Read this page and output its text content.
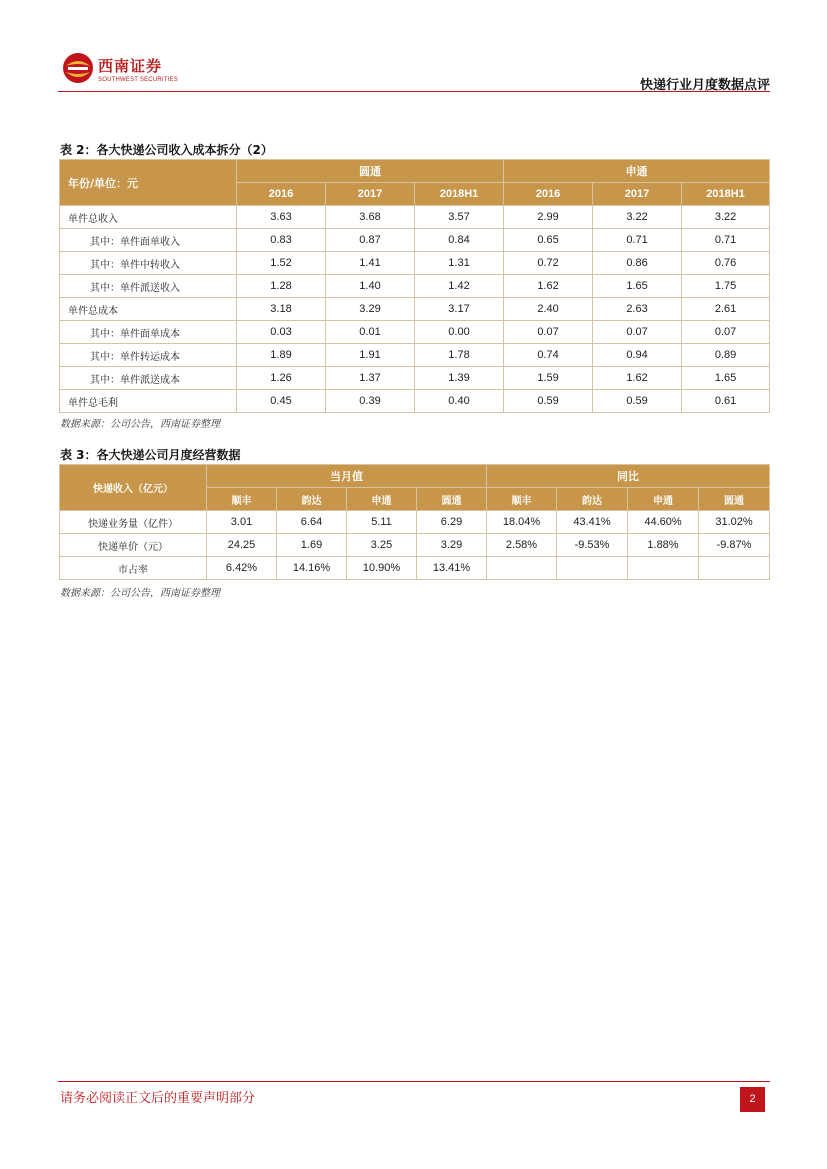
西南证券
SOUTHWEST SECURITIES	快递行业月度数据点评
表 2：各大快递公司收入成本拆分（2）
年份/单位：元	圆通			申通		
	2016	2017	2018H1	2016	2017	2018H1
单件总收入	3.63	3.68	3.57	2.99	3.22	3.22
其中：单件面单收入	0.83	0.87	0.84	0.65	0.71	0.71
其中：单件中转收入	1.52	1.41	1.31	0.72	0.86	0.76
其中：单件派送收入	1.28	1.40	1.42	1.62	1.65	1.75
单件总成本	3.18	3.29	3.17	2.40	2.63	2.61
其中：单件面单成本	0.03	0.01	0.00	0.07	0.07	0.07
其中：单件转运成本	1.89	1.91	1.78	0.74	0.94	0.89
其中：单件派送成本	1.26	1.37	1.39	1.59	1.62	1.65
单件总毛利	0.45	0.39	0.40	0.59	0.59	0.61
数据来源：公司公告，西南证券整理
表 3：各大快递公司月度经营数据
快递收入（亿元）	当月值				同比			
	顺丰	韵达	申通	圆通	顺丰	韵达	申通	圆通
快递业务量（亿件）	3.01	6.64	5.11	6.29	18.04%	43.41%	44.60%	31.02%
快递单价（元）	24.25	1.69	3.25	3.29	2.58%	-9.53%	1.88%	-9.87%
市占率	6.42%	14.16%	10.90%	13.41%				
数据来源：公司公告，西南证券整理
请务必阅读正文后的重要声明部分	2
